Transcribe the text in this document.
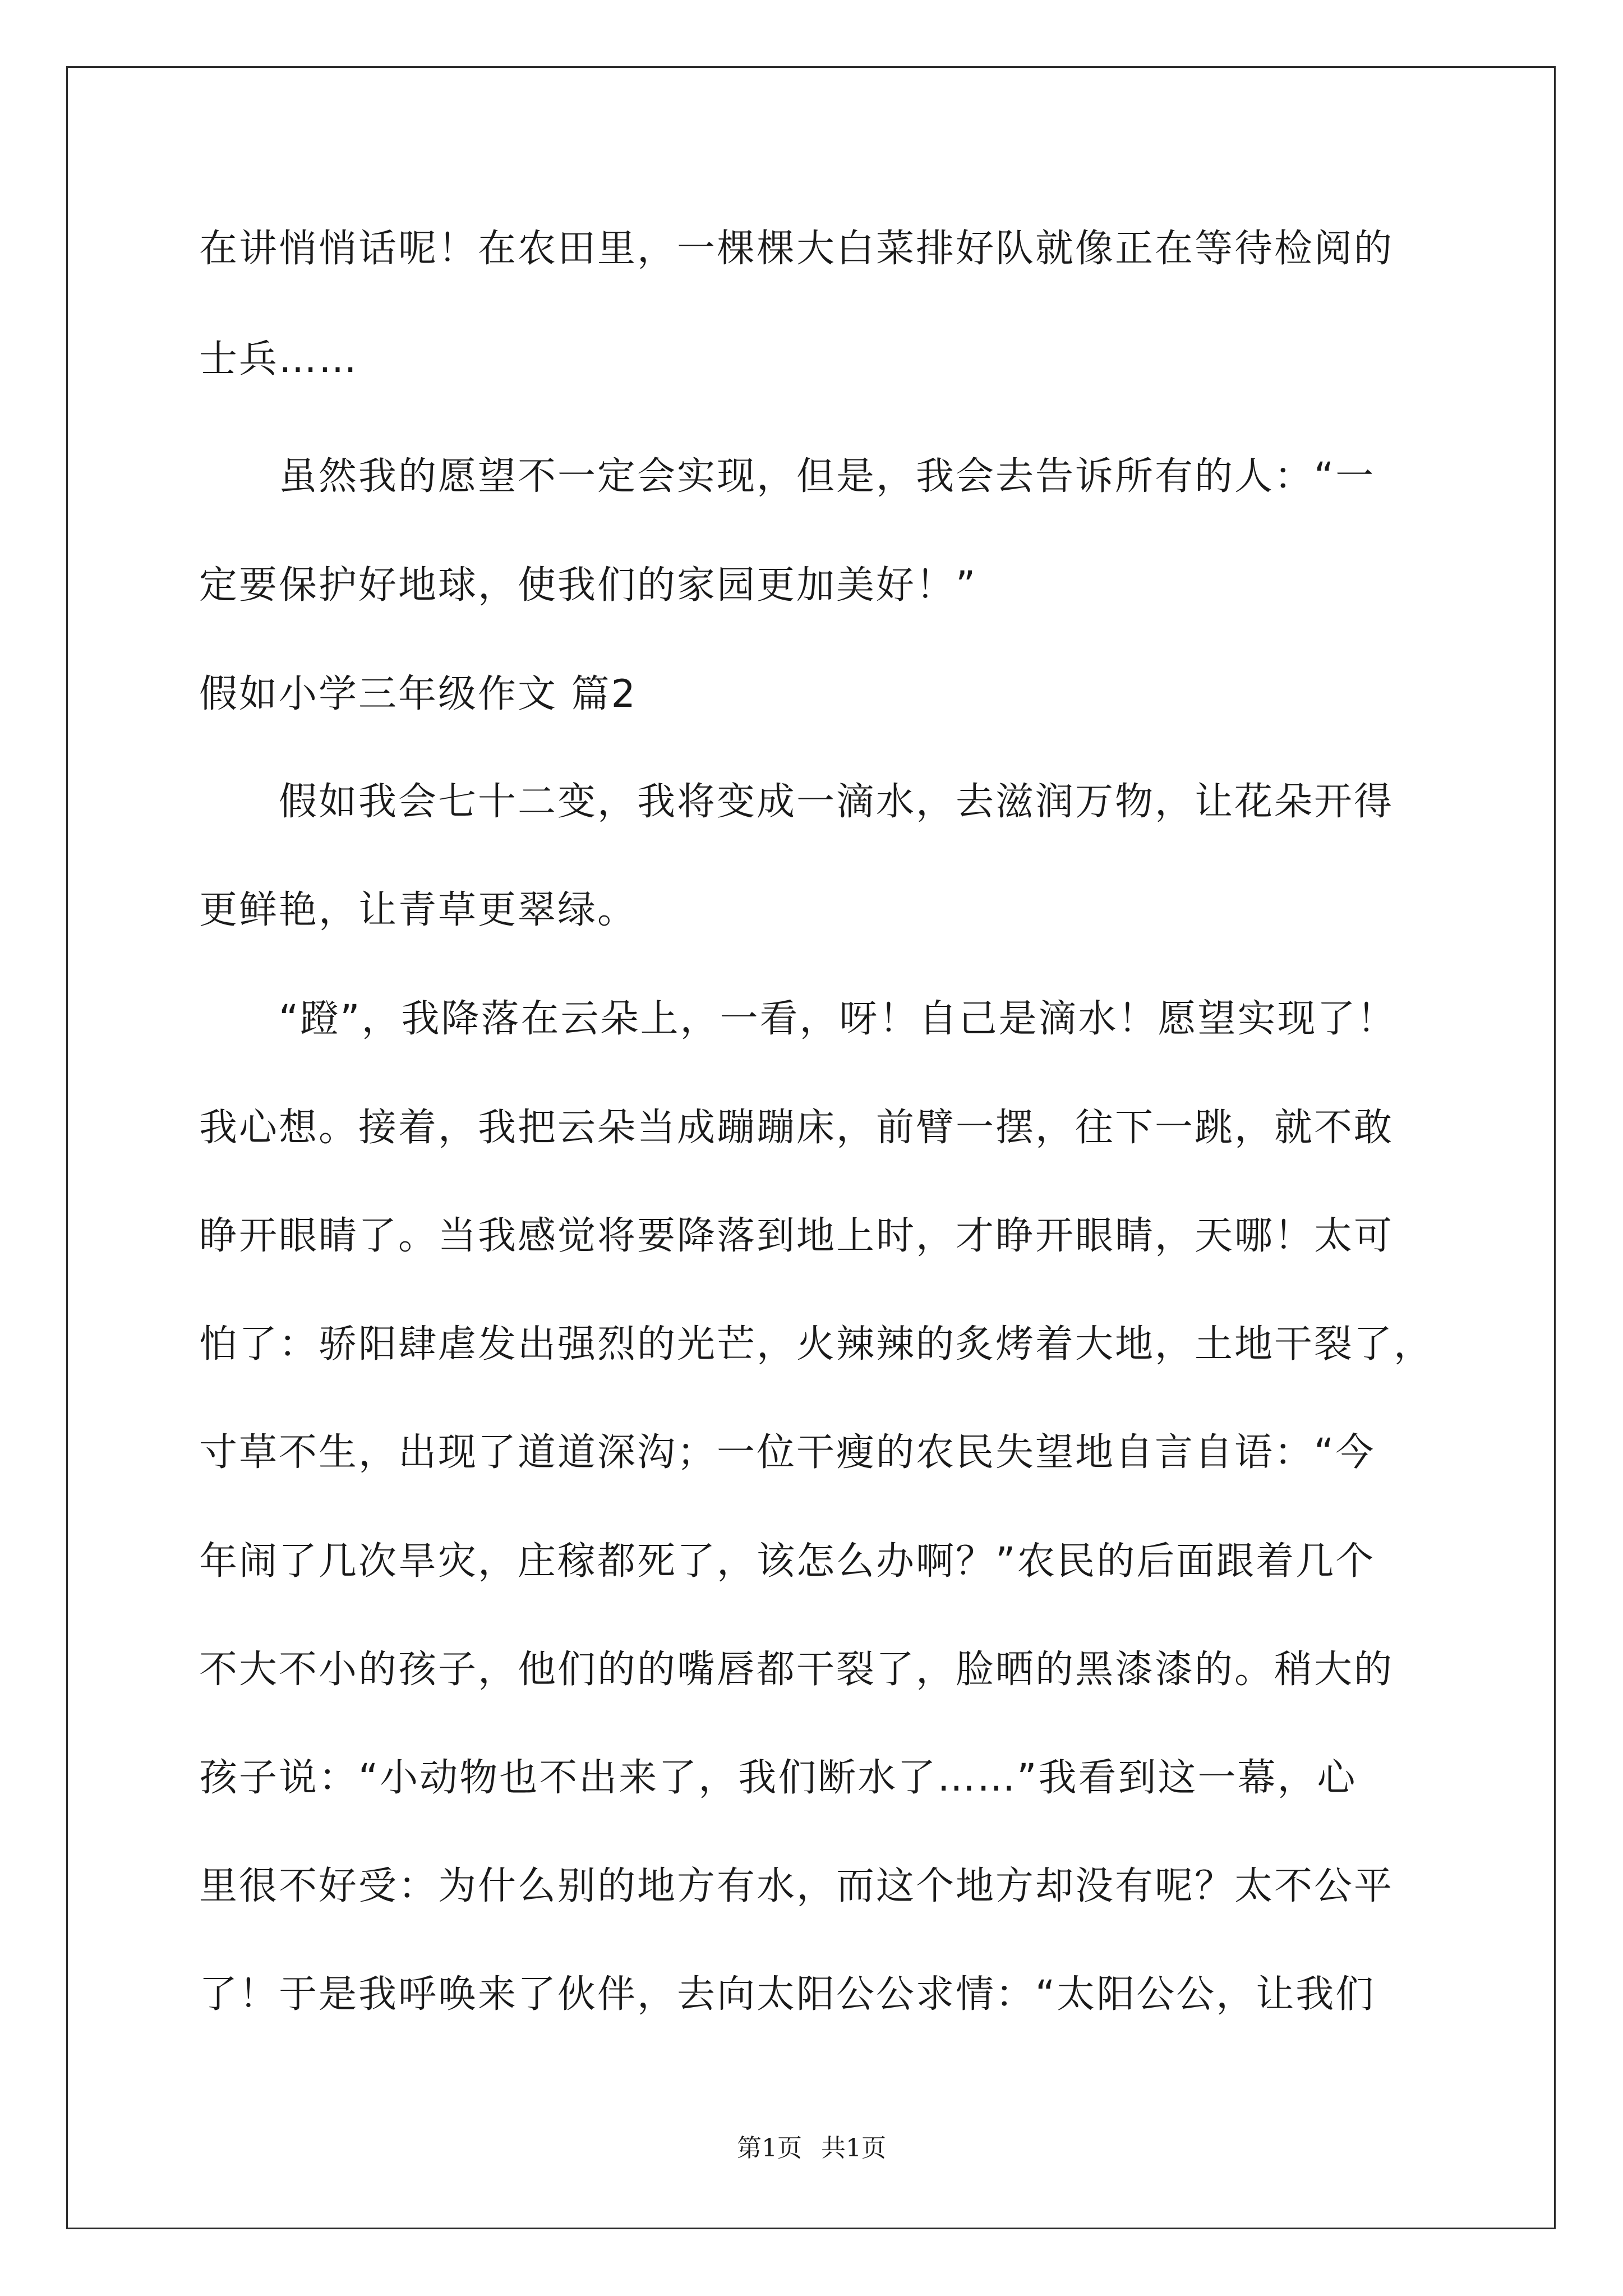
在讲悄悄话呢！在农田里，一棵棵大白菜排好队就像正在等待检阅的
士兵……
　　虽然我的愿望不一定会实现，但是，我会去告诉所有的人：“一
定要保护好地球，使我们的家园更加美好！”
假如小学三年级作文 篇2
　　假如我会七十二变，我将变成一滴水，去滋润万物，让花朵开得
更鲜艳，让青草更翠绿。
　　“蹬”，我降落在云朵上，一看，呀！自己是滴水！愿望实现了！
我心想。接着，我把云朵当成蹦蹦床，前臂一摆，往下一跳，就不敢
睁开眼睛了。当我感觉将要降落到地上时，才睁开眼睛，天哪！太可
怕了：骄阳肆虐发出强烈的光芒，火辣辣的炙烤着大地，土地干裂了，
寸草不生，出现了道道深沟；一位干瘦的农民失望地自言自语：“今
年闹了几次旱灾，庄稼都死了，该怎么办啊？”农民的后面跟着几个
不大不小的孩子，他们的的嘴唇都干裂了，脸晒的黑漆漆的。稍大的
孩子说：“小动物也不出来了，我们断水了……”我看到这一幕，心
里很不好受：为什么别的地方有水，而这个地方却没有呢？太不公平
了！于是我呼唤来了伙伴，去向太阳公公求情：“太阳公公，让我们
第1页 共1页
